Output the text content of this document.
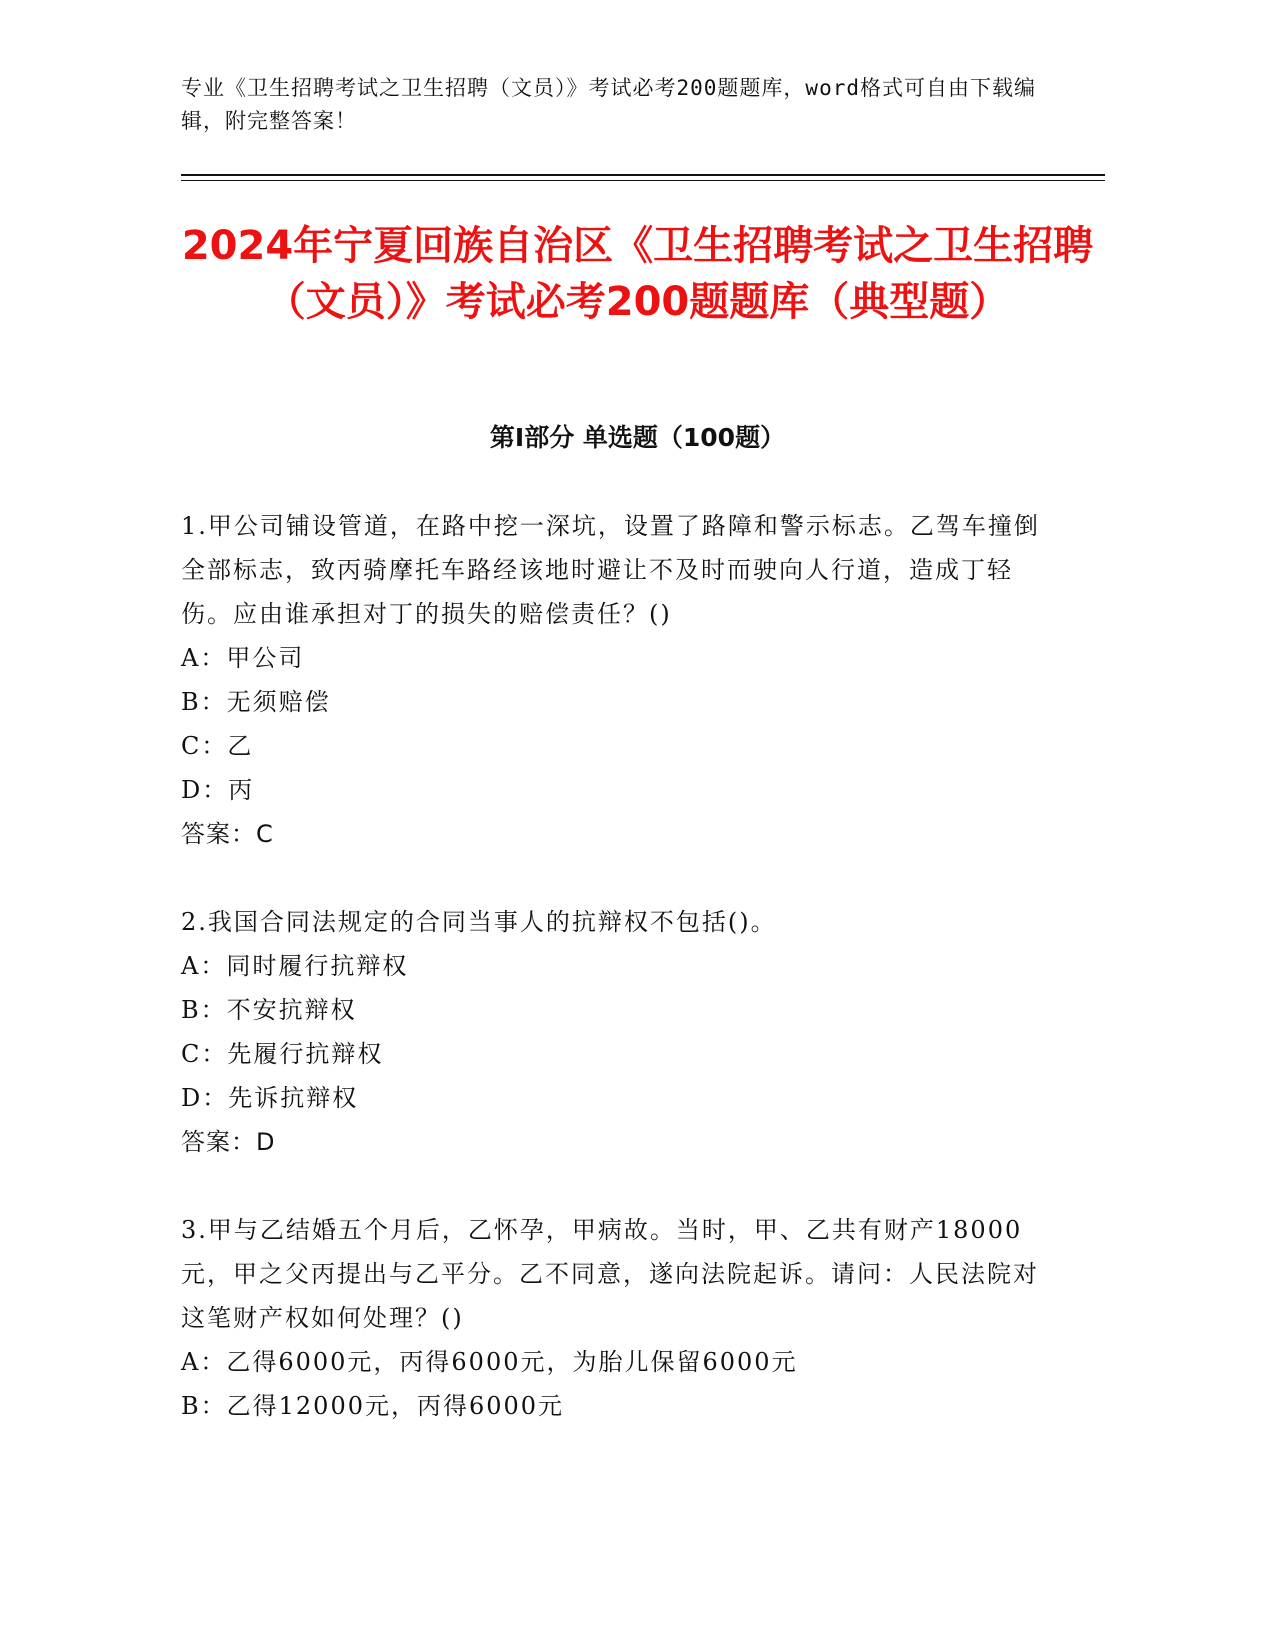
专业《卫生招聘考试之卫生招聘（文员）》考试必考200题题库，word格式可自由下载编辑，附完整答案！
2024年宁夏回族自治区《卫生招聘考试之卫生招聘（文员）》考试必考200题题库（典型题）
第Ⅰ部分 单选题（100题）

1.甲公司铺设管道，在路中挖一深坑，设置了路障和警示标志。乙驾车撞倒全部标志，致丙骑摩托车路经该地时避让不及时而驶向人行道，造成丁轻伤。应由谁承担对丁的损失的赔偿责任？()

A：甲公司

B：无须赔偿

C：乙

D：丙

答案：C

2.我国合同法规定的合同当事人的抗辩权不包括()。

A：同时履行抗辩权

B：不安抗辩权

C：先履行抗辩权

D：先诉抗辩权

答案：D

3.甲与乙结婚五个月后，乙怀孕，甲病故。当时，甲、乙共有财产18000元，甲之父丙提出与乙平分。乙不同意，遂向法院起诉。请问：人民法院对这笔财产权如何处理？()

A：乙得6000元，丙得6000元，为胎儿保留6000元

B：乙得12000元，丙得6000元
